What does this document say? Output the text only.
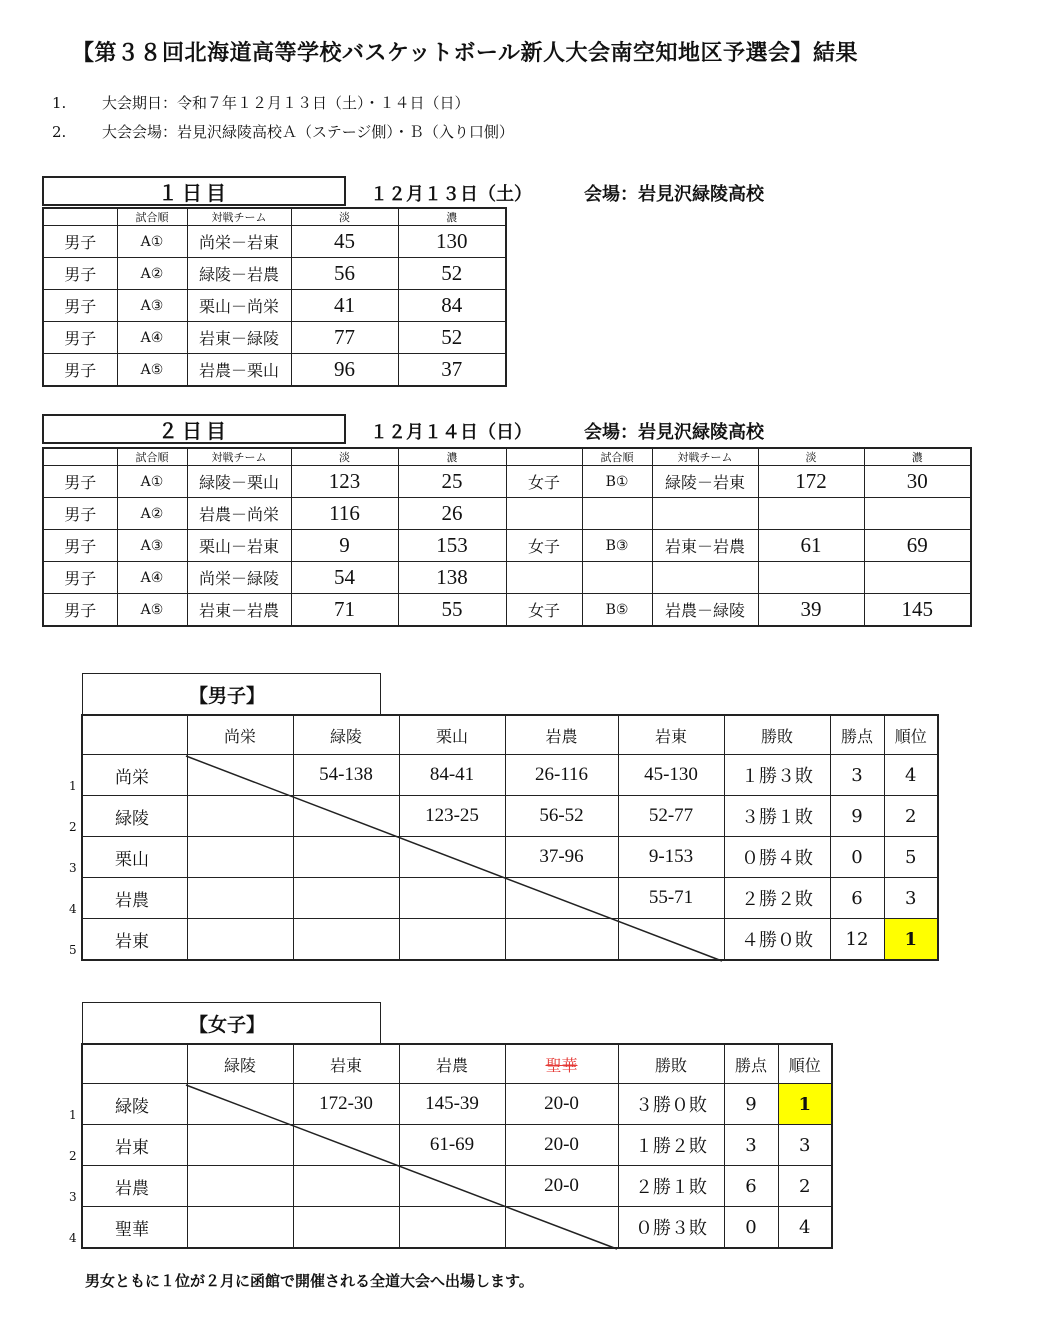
【第３８回北海道高等学校バスケットボール新人大会南空知地区予選会】結果
1. 大会期日：令和７年１２月１３日（土）・１４日（日）
2. 大会会場：岩見沢緑陵高校Ａ（ステージ側）・Ｂ（入り口側）
１日目	１２月１３日（土）	会場：岩見沢緑陵高校
	試合順	対戦チーム	淡	濃
男子	A①	尚栄－岩東	45	130
男子	A②	緑陵－岩農	56	52
男子	A③	栗山－尚栄	41	84
男子	A④	岩東－緑陵	77	52
男子	A⑤	岩農－栗山	96	37
２日目	１２月１４日（日）	会場：岩見沢緑陵高校
	試合順	対戦チーム	淡	濃		試合順	対戦チーム	淡	濃
男子	A①	緑陵－栗山	123	25	女子	B①	緑陵－岩東	172	30
男子	A②	岩農－尚栄	116	26					
男子	A③	栗山－岩東	9	153	女子	B③	岩東－岩農	61	69
男子	A④	尚栄－緑陵	54	138					
男子	A⑤	岩東－岩農	71	55	女子	B⑤	岩農－緑陵	39	145
【男子】
	尚栄	緑陵	栗山	岩農	岩東	勝敗	勝点	順位
尚栄		54-138	84-41	26-116	45-130	１勝３敗	3	4
緑陵			123-25	56-52	52-77	３勝１敗	9	2
栗山				37-96	9-153	０勝４敗	0	5
岩農					55-71	２勝２敗	6	3
岩東						４勝０敗	12	1
1
2
3
4
5
【女子】
	緑陵	岩東	岩農	聖華	勝敗	勝点	順位
緑陵		172-30	145-39	20-0	３勝０敗	9	1
岩東			61-69	20-0	１勝２敗	3	3
岩農				20-0	２勝１敗	6	2
聖華					０勝３敗	0	4
1
2
3
4
男女ともに１位が２月に函館で開催される全道大会へ出場します。
